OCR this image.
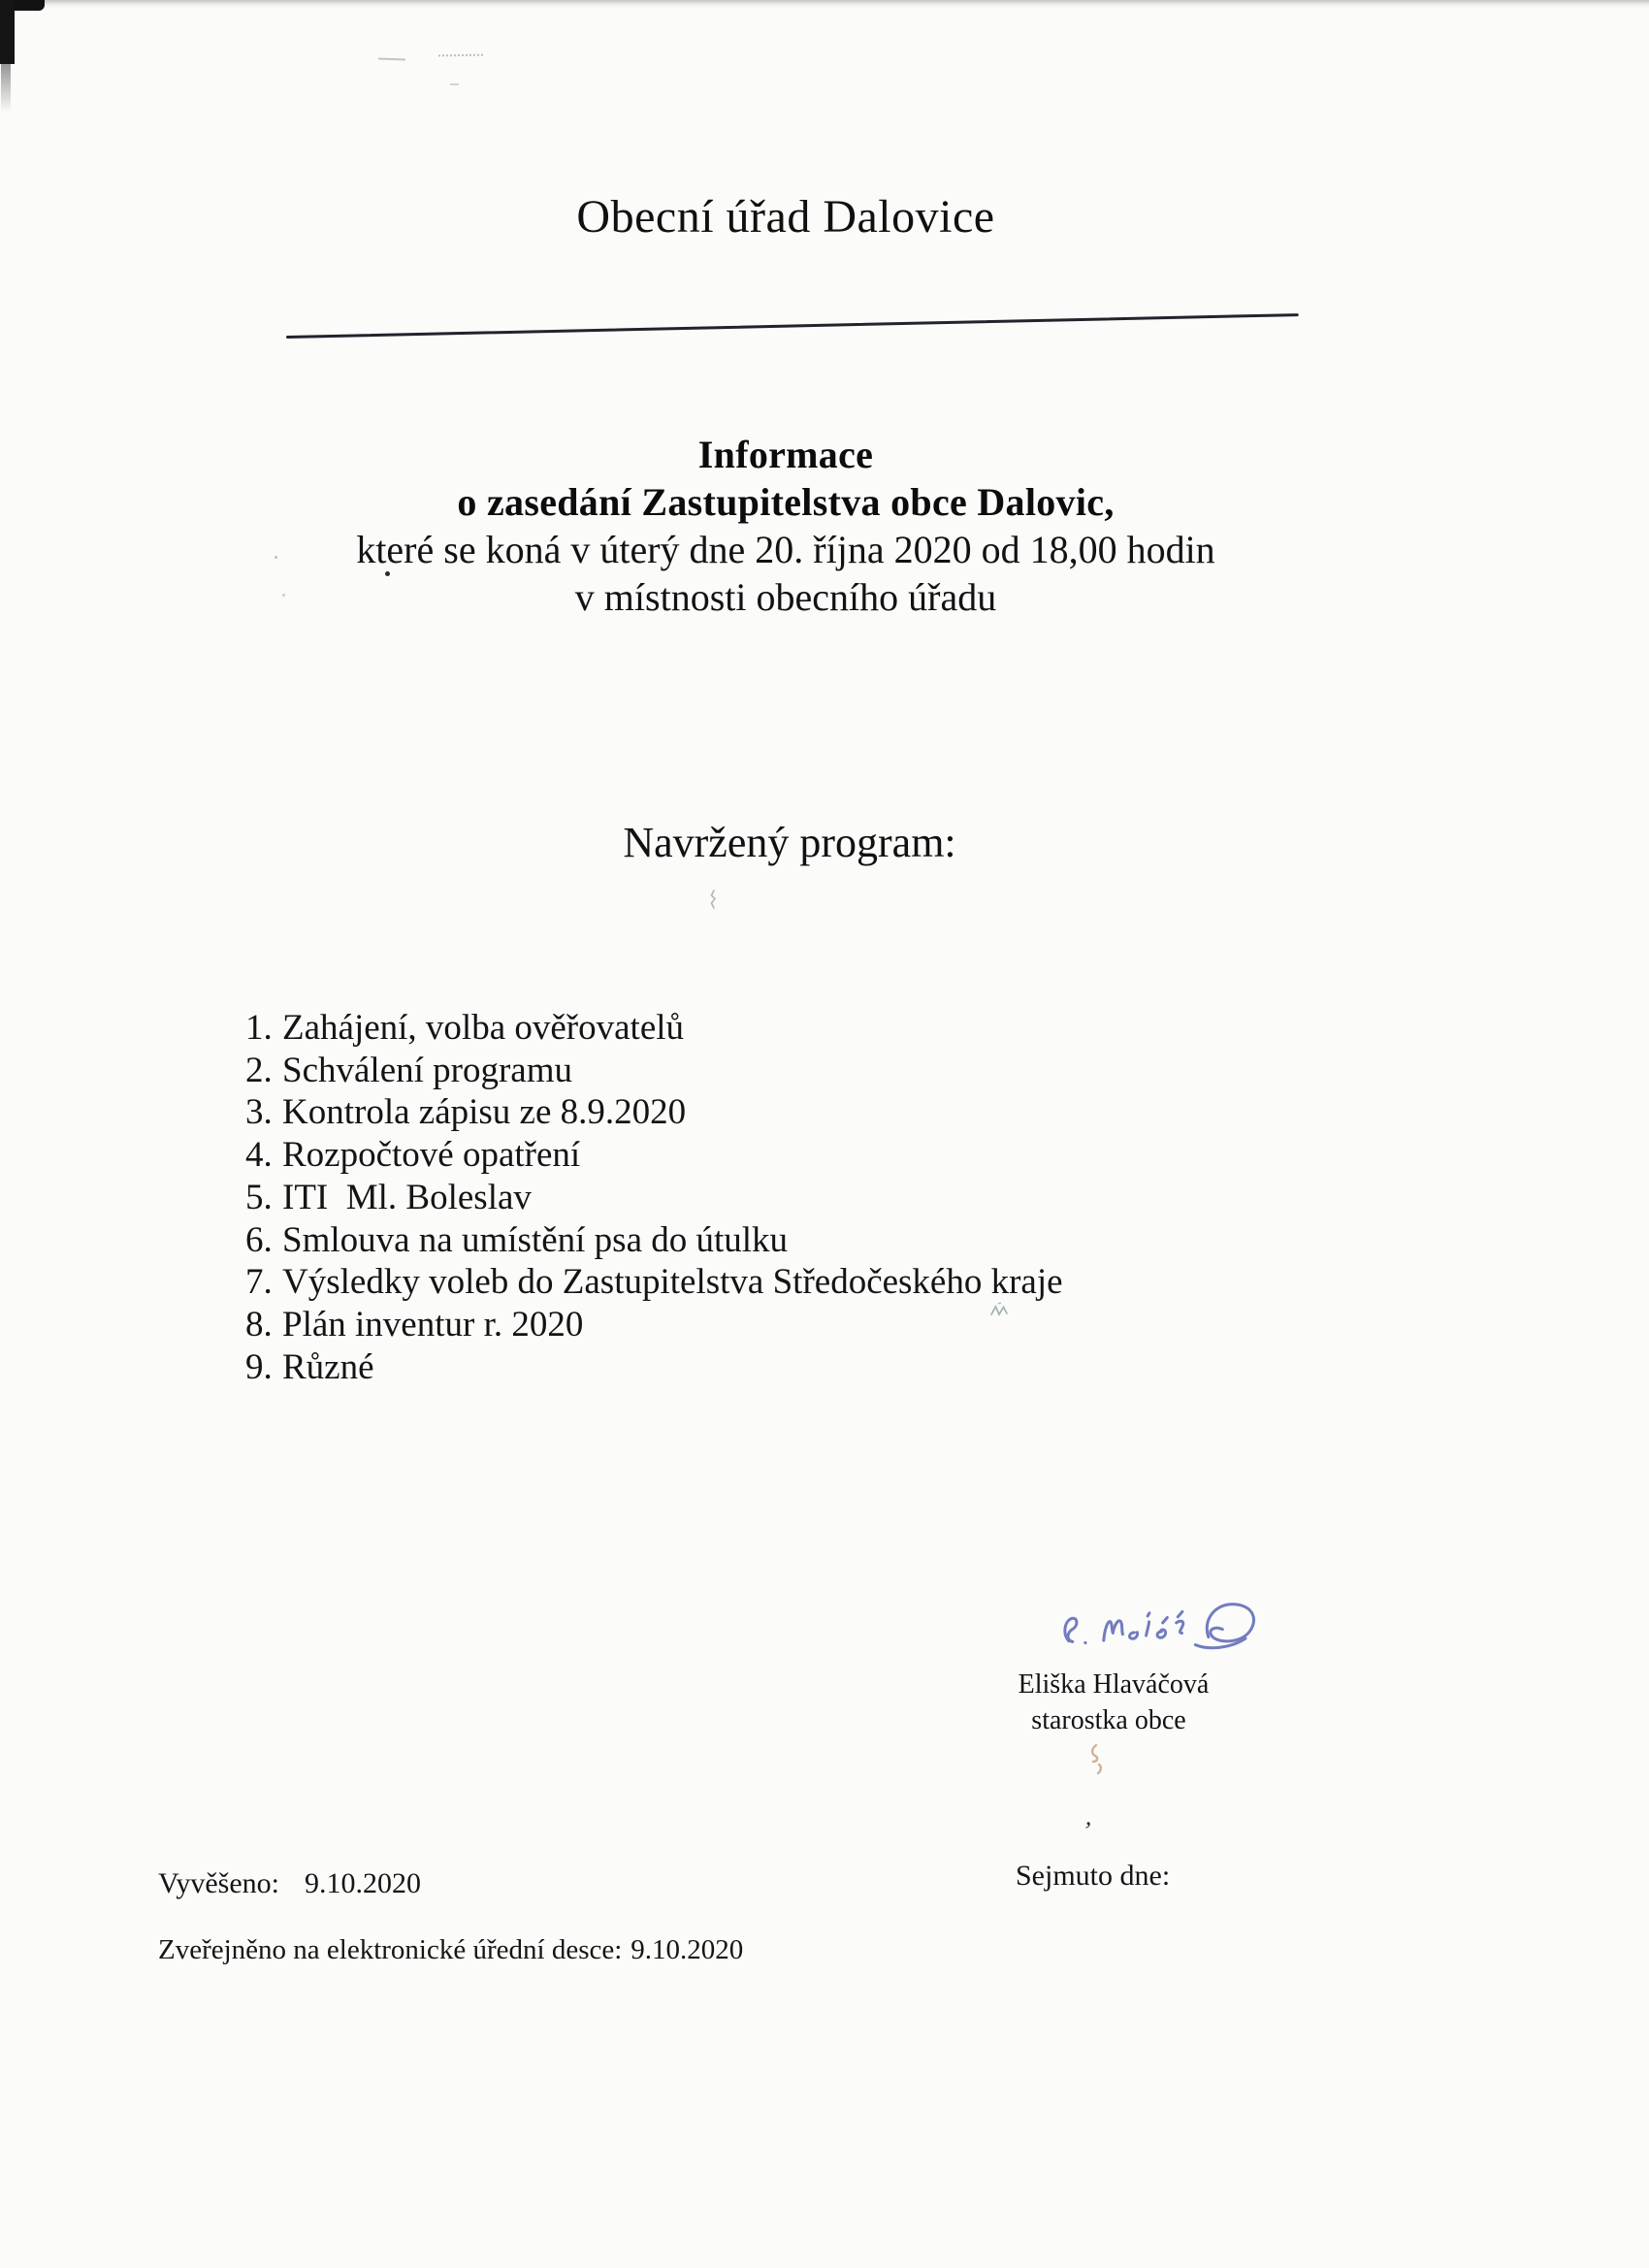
Obecní úřad Dalovice
Informace
o zasedání Zastupitelstva obce Dalovic,
které se koná v úterý dne 20. října 2020 od 18,00 hodin
v místnosti obecního úřadu
Navržený program:
1. Zahájení, volba ověřovatelů
2. Schválení programu
3. Kontrola zápisu ze 8.9.2020
4. Rozpočtové opatření
5. ITI  Ml. Boleslav
6. Smlouva na umístění psa do útulku
7. Výsledky voleb do Zastupitelstva Středočeského kraje
8. Plán inventur r. 2020
9. Různé
Eliška Hlaváčová
starostka obce
,
Vyvěšeno: 9.10.2020	Sejmuto dne:
Zveřejněno na elektronické úřední desce: 9.10.2020
